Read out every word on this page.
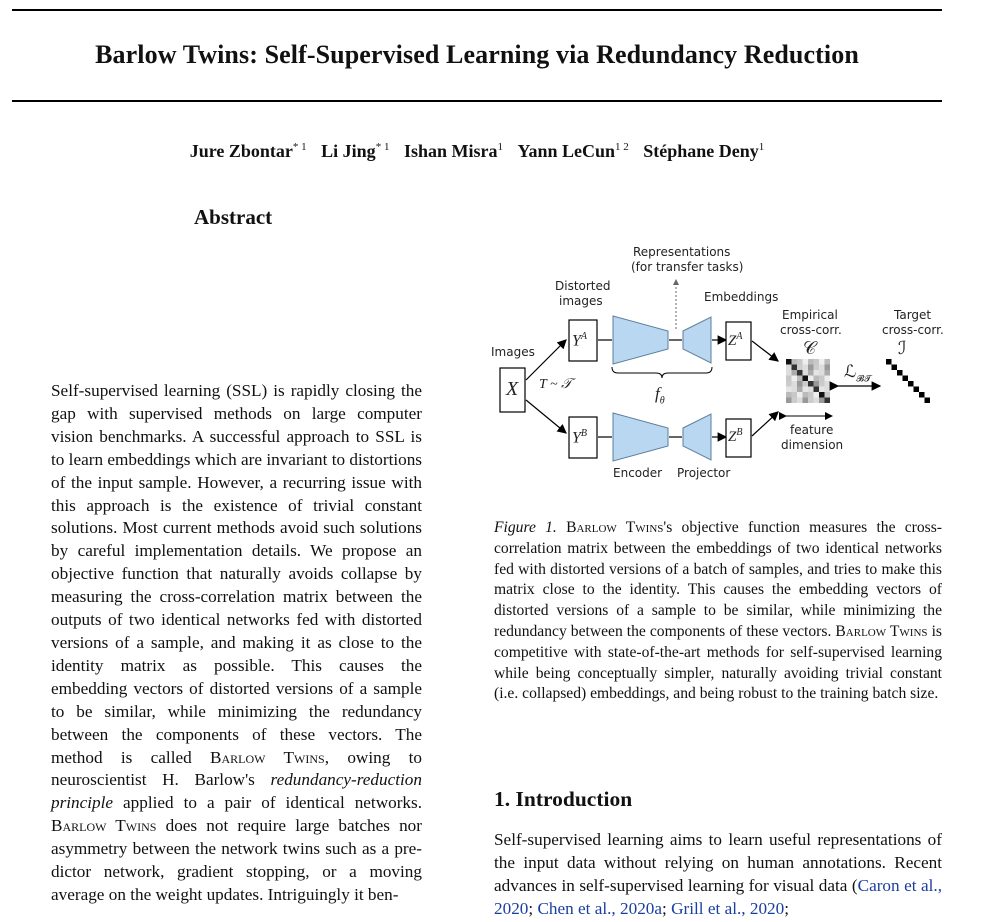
Barlow Twins: Self-Supervised Learning via Redundancy Reduction
Jure Zbontar$^{* 1}$ Li Jing$^{* 1}$ Ishan Misra$^1$ Yann LeCun$^{1 2}$ Stéphane Deny$^1$
Abstract
Self-supervised learning (SSL) is rapidly closing the gap with supervised methods on large computer vision benchmarks. A successful approach to SSL is to learn embeddings which are invariant to distortions of the input sample. However, a recurring issue with this approach is the existence of trivial constant solutions. Most current methods avoid such solutions by careful implementation details. We propose an objective function that naturally avoids collapse by measuring the cross-correlation matrix between the outputs of two identical networks fed with distorted versions of a sample, and making it as close to the identity matrix as possible. This causes the embedding vectors of distorted versions of a sample to be similar, while minimizing the redundancy between the components of these vectors. The method is called Barlow Twins, owing to neuroscientist H. Barlow's redundancy-reduction principle applied to a pair of identical networks. Barlow Twins does not require large batches nor asymmetry between the network twins such as a predictor network, gradient stopping, or a moving average on the weight updates. Intriguingly it ben-
Representations
(for transfer tasks)
Distorted
images	Embeddings
Empirical
cross-corr.
Target
cross-corr.
Images
feature
dimension
Encoder Projector
X
$Y^A$
$Y^B$
$Z^A$
$Z^B$
T ~ 𝒯	$f_\theta$
𝒞	ℐ
ℒ$_{𝓑𝓣}$
Figure 1. Barlow Twins's objective function measures the cross-correlation matrix between the embeddings of two identical networks fed with distorted versions of a batch of samples, and tries to make this matrix close to the identity. This causes the embedding vectors of distorted versions of a sample to be similar, while minimizing the redundancy between the components of these vectors. Barlow Twins is competitive with state-of-the-art methods for self-supervised learning while being conceptually simpler, naturally avoiding trivial constant (i.e. collapsed) embeddings, and being robust to the training batch size.
1. Introduction
Self-supervised learning aims to learn useful representations of the input data without relying on human annotations. Recent advances in self-supervised learning for visual data (Caron et al., 2020; Chen et al., 2020a; Grill et al., 2020;
